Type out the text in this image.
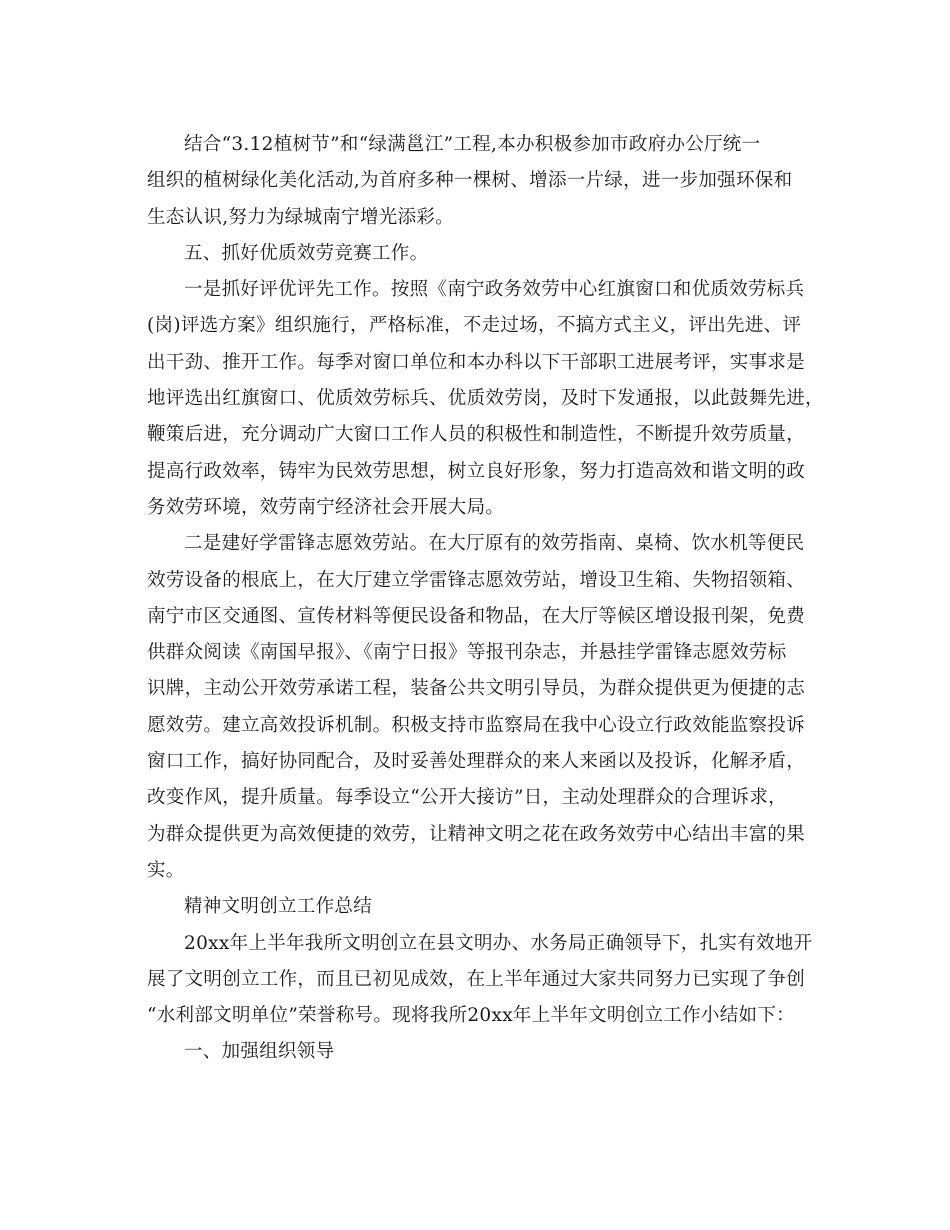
结合“3.12植树节”和“绿满邕江”工程,本办积极参加市政府办公厅统一
组织的植树绿化美化活动,为首府多种一棵树、增添一片绿，进一步加强环保和
生态认识,努力为绿城南宁增光添彩。

五、抓好优质效劳竞赛工作。

一是抓好评优评先工作。按照《南宁政务效劳中心红旗窗口和优质效劳标兵
(岗)评选方案》组织施行，严格标准，不走过场，不搞方式主义，评出先进、评
出干劲、推开工作。每季对窗口单位和本办科以下干部职工进展考评，实事求是
地评选出红旗窗口、优质效劳标兵、优质效劳岗，及时下发通报，以此鼓舞先进，
鞭策后进，充分调动广大窗口工作人员的积极性和制造性，不断提升效劳质量，
提高行政效率，铸牢为民效劳思想，树立良好形象，努力打造高效和谐文明的政
务效劳环境，效劳南宁经济社会开展大局。

二是建好学雷锋志愿效劳站。在大厅原有的效劳指南、桌椅、饮水机等便民
效劳设备的根底上，在大厅建立学雷锋志愿效劳站，增设卫生箱、失物招领箱、
南宁市区交通图、宣传材料等便民设备和物品，在大厅等候区增设报刊架，免费
供群众阅读《南国早报》、《南宁日报》等报刊杂志，并悬挂学雷锋志愿效劳标
识牌，主动公开效劳承诺工程，装备公共文明引导员，为群众提供更为便捷的志
愿效劳。建立高效投诉机制。积极支持市监察局在我中心设立行政效能监察投诉
窗口工作，搞好协同配合，及时妥善处理群众的来人来函以及投诉，化解矛盾，
改变作风，提升质量。每季设立“公开大接访”日，主动处理群众的合理诉求，
为群众提供更为高效便捷的效劳，让精神文明之花在政务效劳中心结出丰富的果
实。

精神文明创立工作总结

20xx年上半年我所文明创立在县文明办、水务局正确领导下，扎实有效地开
展了文明创立工作，而且已初见成效，在上半年通过大家共同努力已实现了争创
“水利部文明单位”荣誉称号。现将我所20xx年上半年文明创立工作小结如下：

一、加强组织领导
